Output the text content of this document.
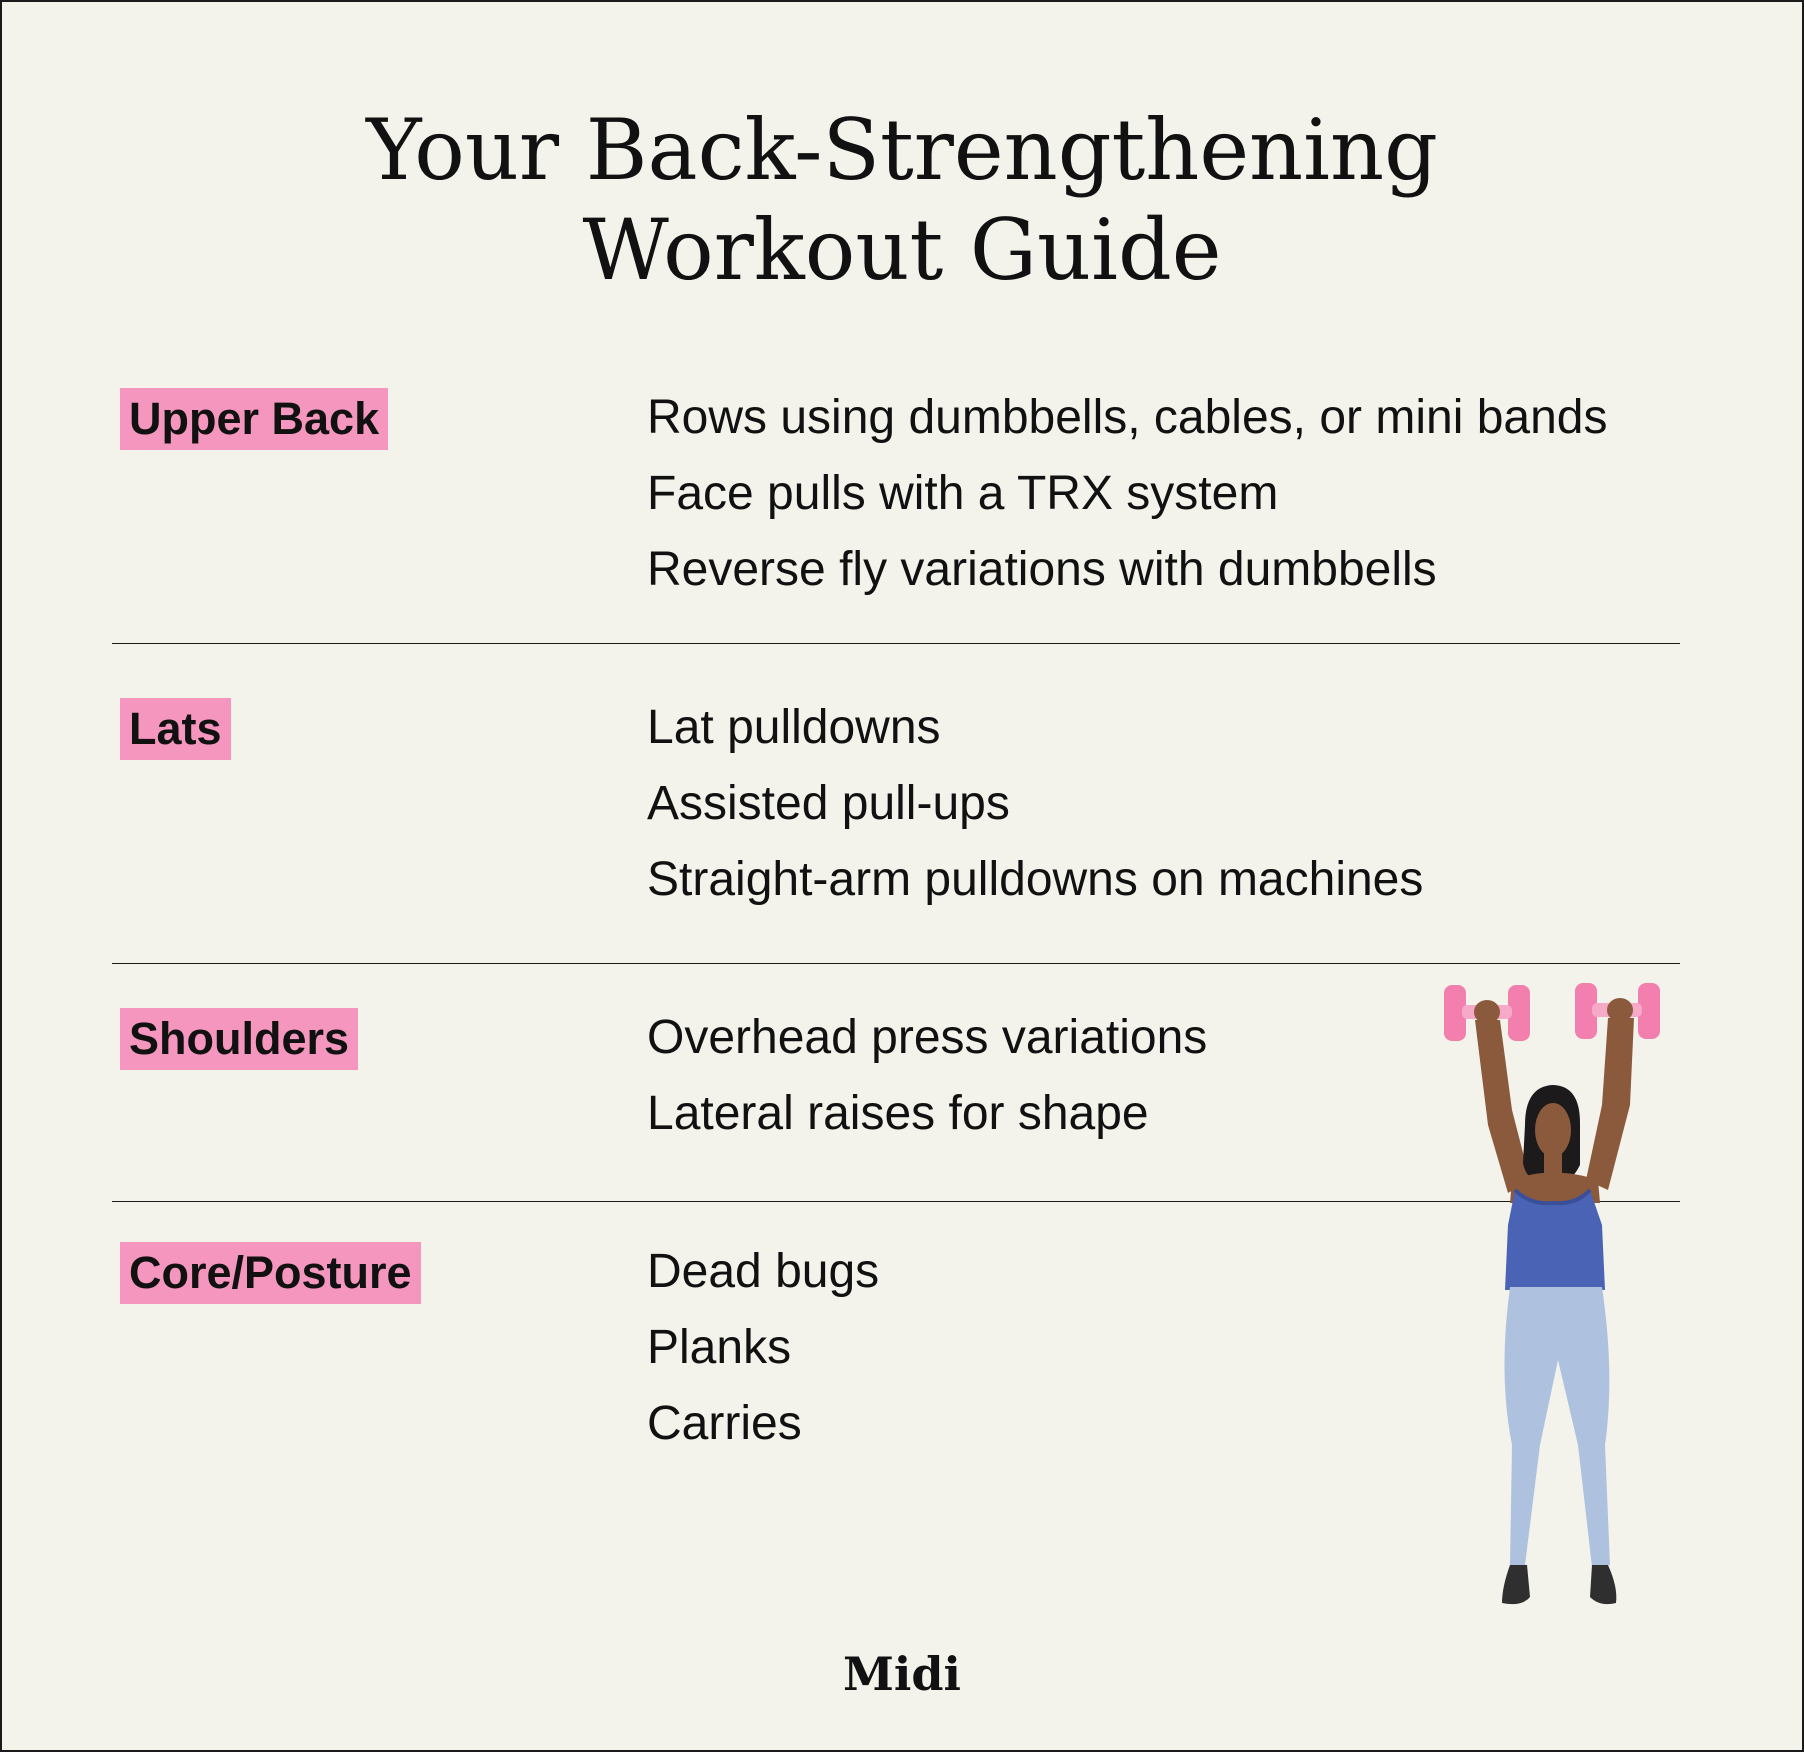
Your Back-Strengthening
Workout Guide
Upper Back	Rows using dumbbells, cables, or mini bands
Face pulls with a TRX system
Reverse fly variations with dumbbells
Lats	Lat pulldowns
Assisted pull-ups
Straight-arm pulldowns on machines
Shoulders	Overhead press variations
Lateral raises for shape
Core/Posture	Dead bugs
Planks
Carries
Midi
